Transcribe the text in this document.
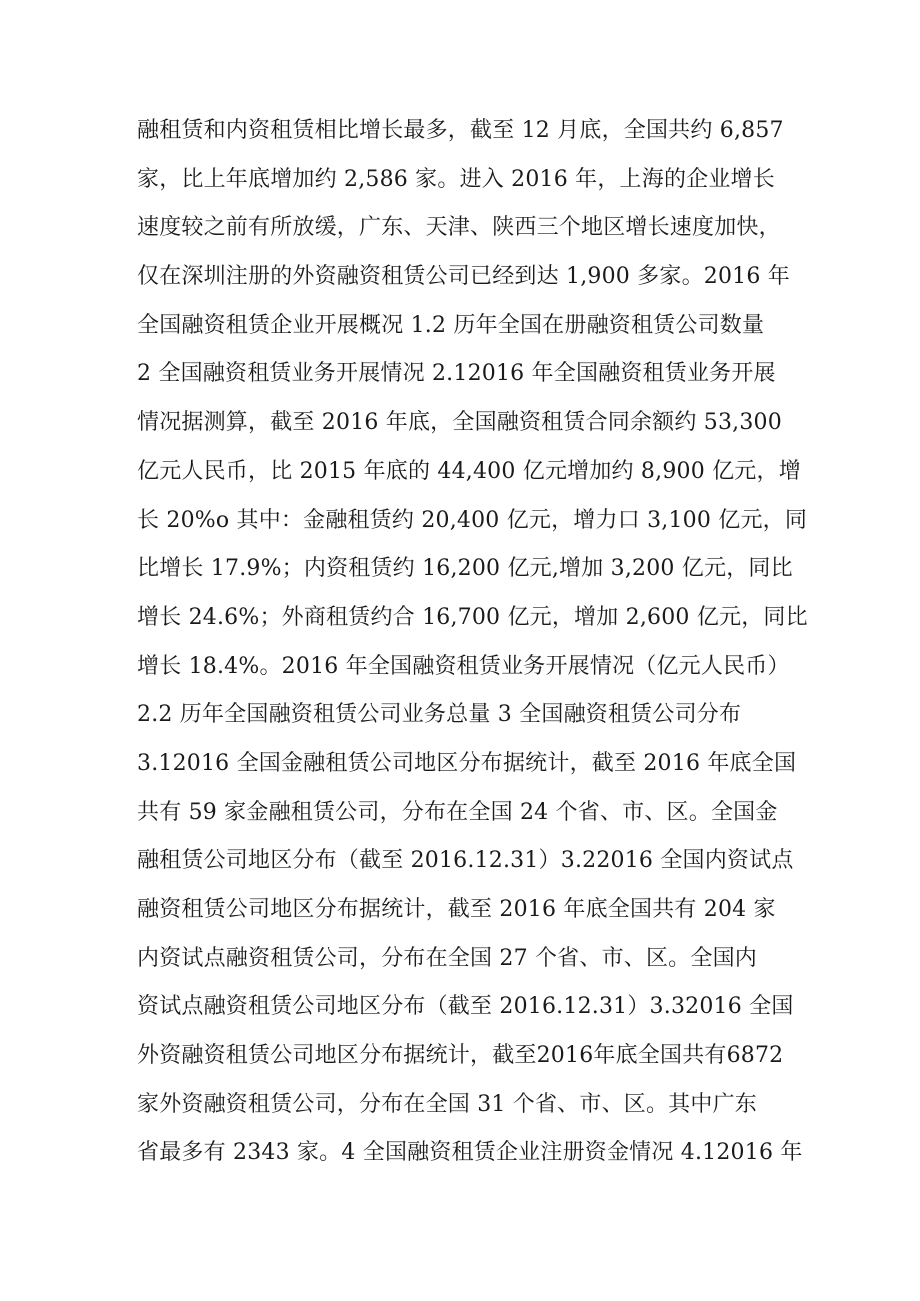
融租赁和内资租赁相比增长最多，截至 12 月底，全国共约 6,857
家，比上年底增加约 2,586 家。进入 2016 年，上海的企业增长
速度较之前有所放缓，广东、天津、陕西三个地区增长速度加快，
仅在深圳注册的外资融资租赁公司已经到达 1,900 多家。2016 年
全国融资租赁企业开展概况 1.2 历年全国在册融资租赁公司数量
2 全国融资租赁业务开展情况 2.12016 年全国融资租赁业务开展
情况据测算，截至 2016 年底，全国融资租赁合同余额约 53,300
亿元人民币，比 2015 年底的 44,400 亿元增加约 8,900 亿元，增
长 20%o 其中：金融租赁约 20,400 亿元，增力口 3,100 亿元，同
比增长 17.9%；内资租赁约 16,200 亿元,增加 3,200 亿元，同比
增长 24.6%；外商租赁约合 16,700 亿元，增加 2,600 亿元，同比
增长 18.4%。2016 年全国融资租赁业务开展情况（亿元人民币）
2.2 历年全国融资租赁公司业务总量 3 全国融资租赁公司分布
3.12016 全国金融租赁公司地区分布据统计，截至 2016 年底全国
共有 59 家金融租赁公司，分布在全国 24 个省、市、区。全国金
融租赁公司地区分布（截至 2016.12.31）3.22016 全国内资试点
融资租赁公司地区分布据统计，截至 2016 年底全国共有 204 家
内资试点融资租赁公司，分布在全国 27 个省、市、区。全国内
资试点融资租赁公司地区分布（截至 2016.12.31）3.32016 全国
外资融资租赁公司地区分布据统计，截至2016年底全国共有6872
家外资融资租赁公司，分布在全国 31 个省、市、区。其中广东
省最多有 2343 家。4 全国融资租赁企业注册资金情况 4.12016 年
